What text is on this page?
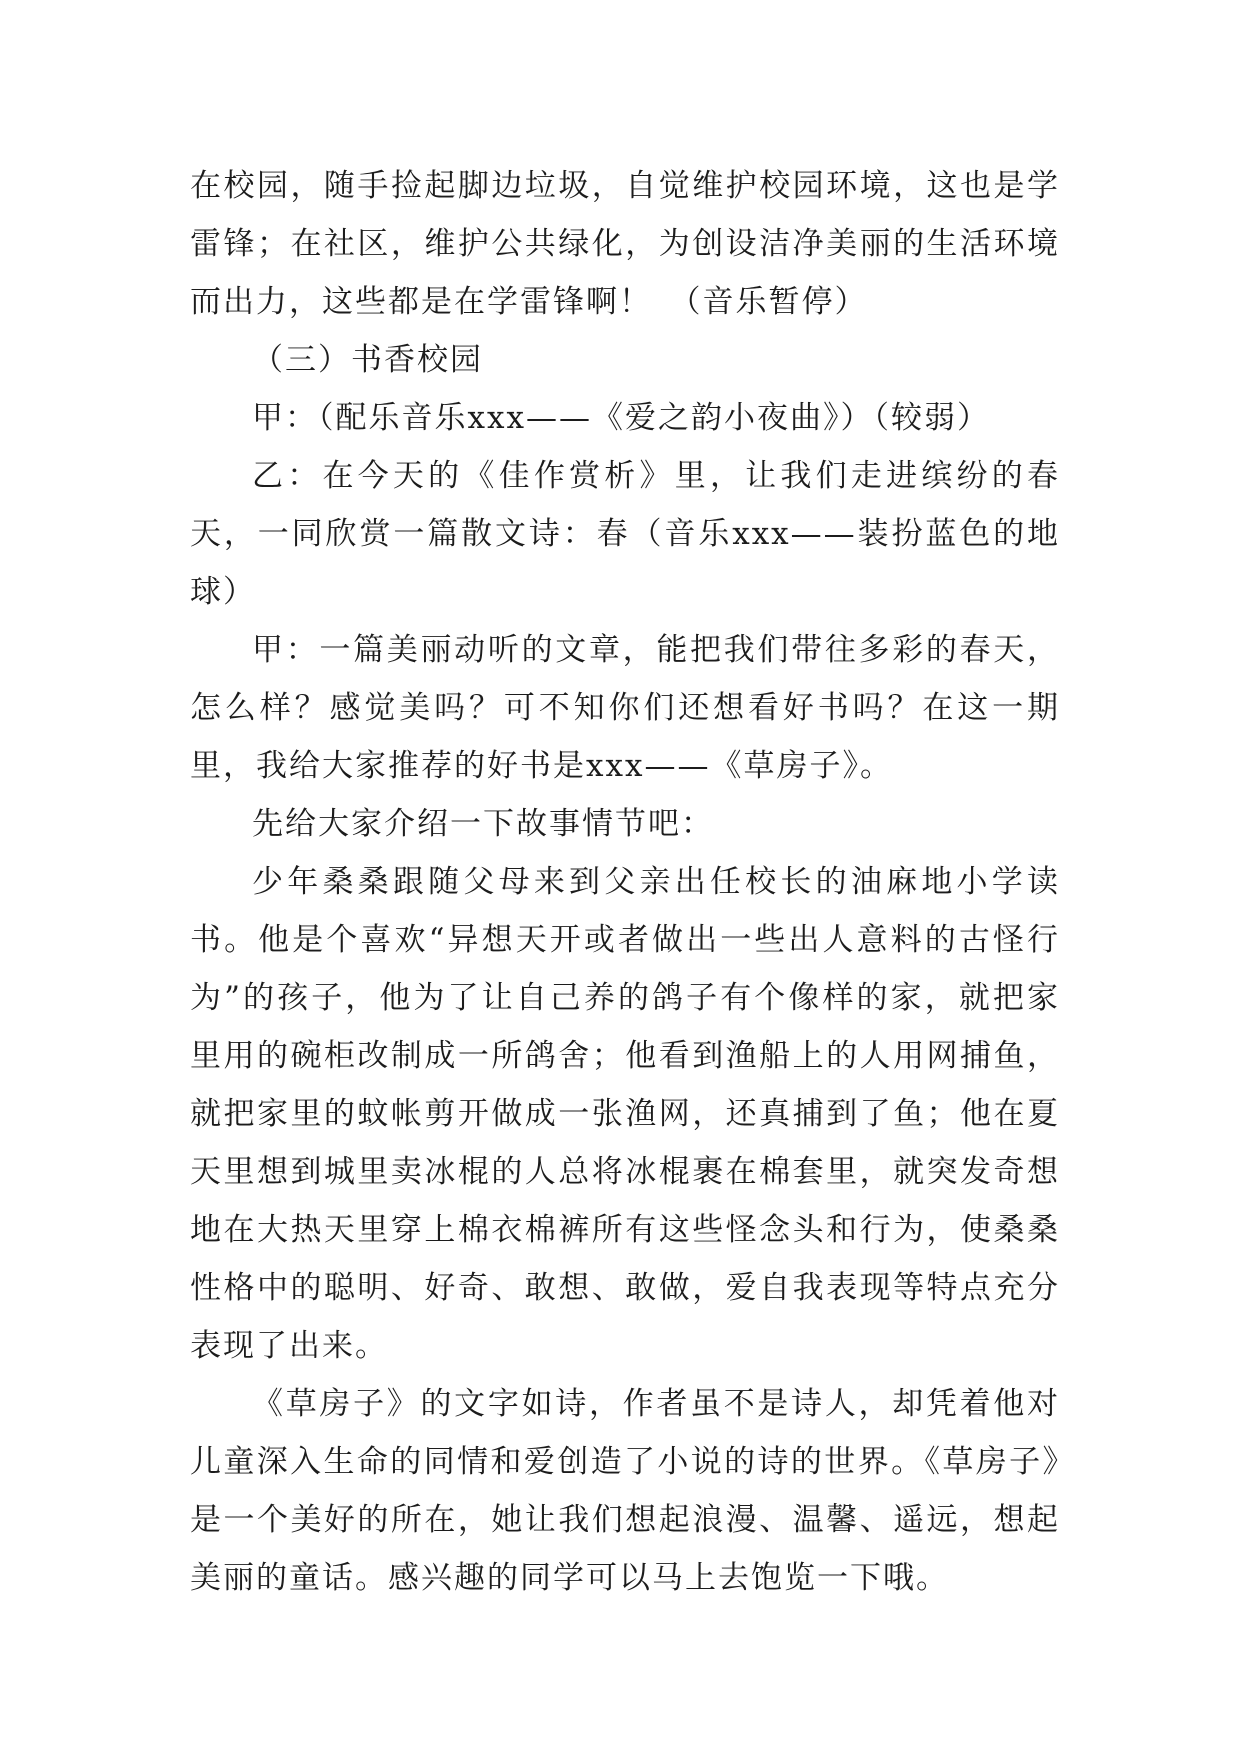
在校园，随手捡起脚边垃圾，自觉维护校园环境，这也是学雷锋；在社区，维护公共绿化，为创设洁净美丽的生活环境而出力，这些都是在学雷锋啊！　（音乐暂停）

（三）书香校园

甲：（配乐音乐xxx——《爱之韵小夜曲》）（较弱）

乙：在今天的《佳作赏析》里，让我们走进缤纷的春天，一同欣赏一篇散文诗：春（音乐xxx——装扮蓝色的地球）

甲：一篇美丽动听的文章，能把我们带往多彩的春天，怎么样？感觉美吗？可不知你们还想看好书吗？在这一期里，我给大家推荐的好书是xxx——《草房子》。

先给大家介绍一下故事情节吧：

少年桑桑跟随父母来到父亲出任校长的油麻地小学读书。他是个喜欢“异想天开或者做出一些出人意料的古怪行为”的孩子，他为了让自己养的鸽子有个像样的家，就把家里用的碗柜改制成一所鸽舍；他看到渔船上的人用网捕鱼，就把家里的蚊帐剪开做成一张渔网，还真捕到了鱼；他在夏天里想到城里卖冰棍的人总将冰棍裹在棉套里，就突发奇想地在大热天里穿上棉衣棉裤所有这些怪念头和行为，使桑桑性格中的聪明、好奇、敢想、敢做，爱自我表现等特点充分表现了出来。

《草房子》的文字如诗，作者虽不是诗人，却凭着他对儿童深入生命的同情和爱创造了小说的诗的世界。《草房子》是一个美好的所在，她让我们想起浪漫、温馨、遥远，想起美丽的童话。感兴趣的同学可以马上去饱览一下哦。
